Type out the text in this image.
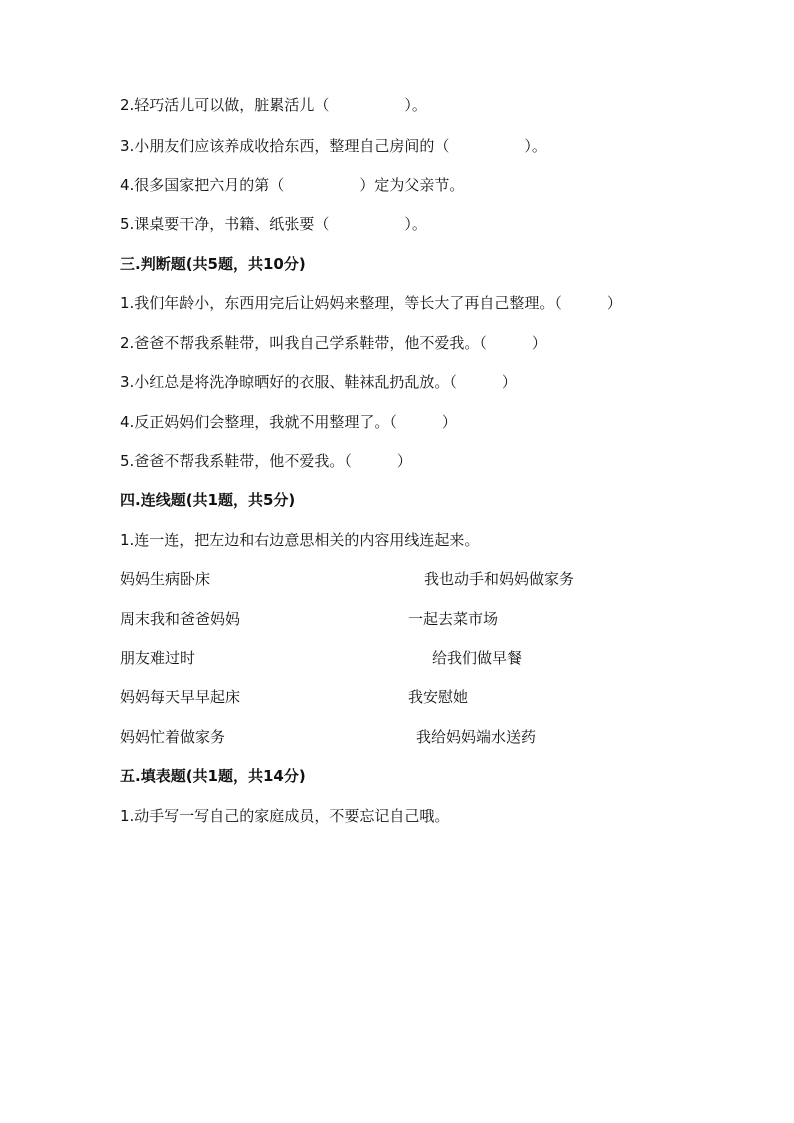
2.轻巧活儿可以做，脏累活儿（　　　　　）。
3.小朋友们应该养成收拾东西，整理自己房间的（　　　　　）。
4.很多国家把六月的第（　　　　　）定为父亲节。
5.课桌要干净，书籍、纸张要（　　　　　）。
三.判断题(共5题，共10分)
1.我们年龄小，东西用完后让妈妈来整理，等长大了再自己整理。（　　　）
2.爸爸不帮我系鞋带，叫我自己学系鞋带，他不爱我。（　　　）
3.小红总是将洗净晾晒好的衣服、鞋袜乱扔乱放。（　　　）
4.反正妈妈们会整理，我就不用整理了。（　　　）
5.爸爸不帮我系鞋带，他不爱我。（　　　）
四.连线题(共1题，共5分)
1.连一连，把左边和右边意思相关的内容用线连起来。
妈妈生病卧床	我也动手和妈妈做家务
周末我和爸爸妈妈	一起去菜市场
朋友难过时	给我们做早餐
妈妈每天早早起床	我安慰她
妈妈忙着做家务	我给妈妈端水送药
五.填表题(共1题，共14分)
1.动手写一写自己的家庭成员，不要忘记自己哦。
